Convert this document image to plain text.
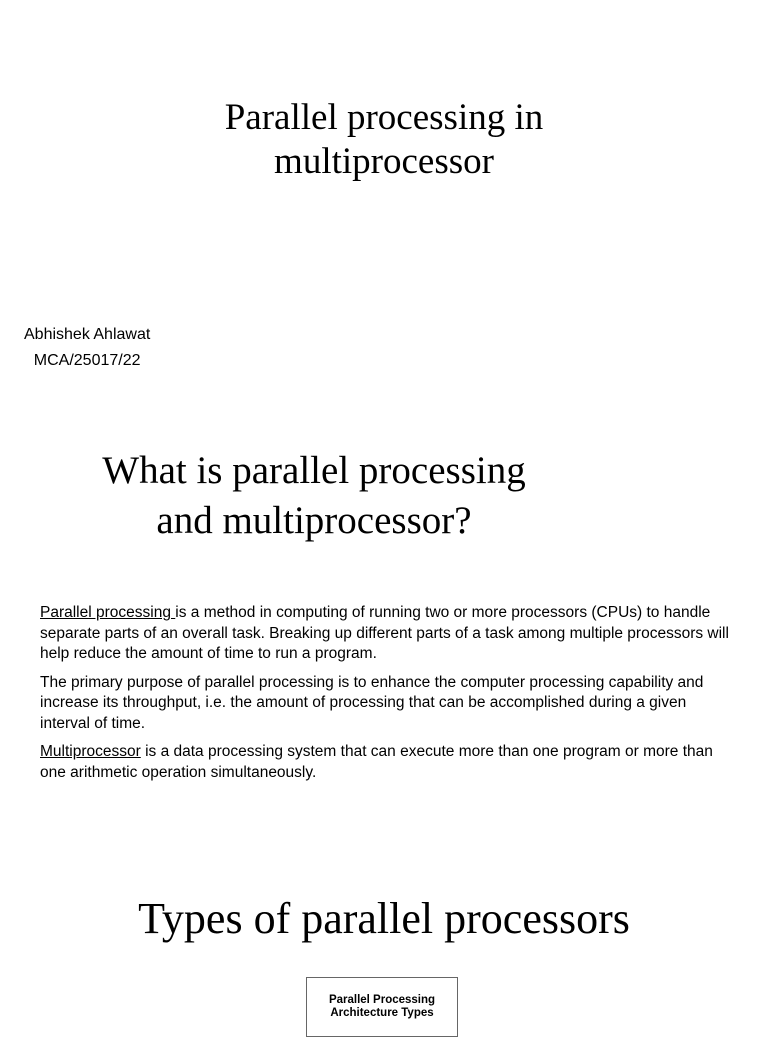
Parallel processing in
multiprocessor
Abhishek Ahlawat
MCA/25017/22
What is parallel processing
and multiprocessor?

Parallel processing is a method in computing of running two or more processors (CPUs) to handle separate parts of an overall task. Breaking up different parts of a task among multiple processors will help reduce the amount of time to run a program.

The primary purpose of parallel processing is to enhance the computer processing capability and increase its throughput, i.e. the amount of processing that can be accomplished during a given interval of time.

Multiprocessor is a data processing system that can execute more than one program or more than one arithmetic operation simultaneously.

Types of parallel processors
Parallel Processing
Architecture Types
